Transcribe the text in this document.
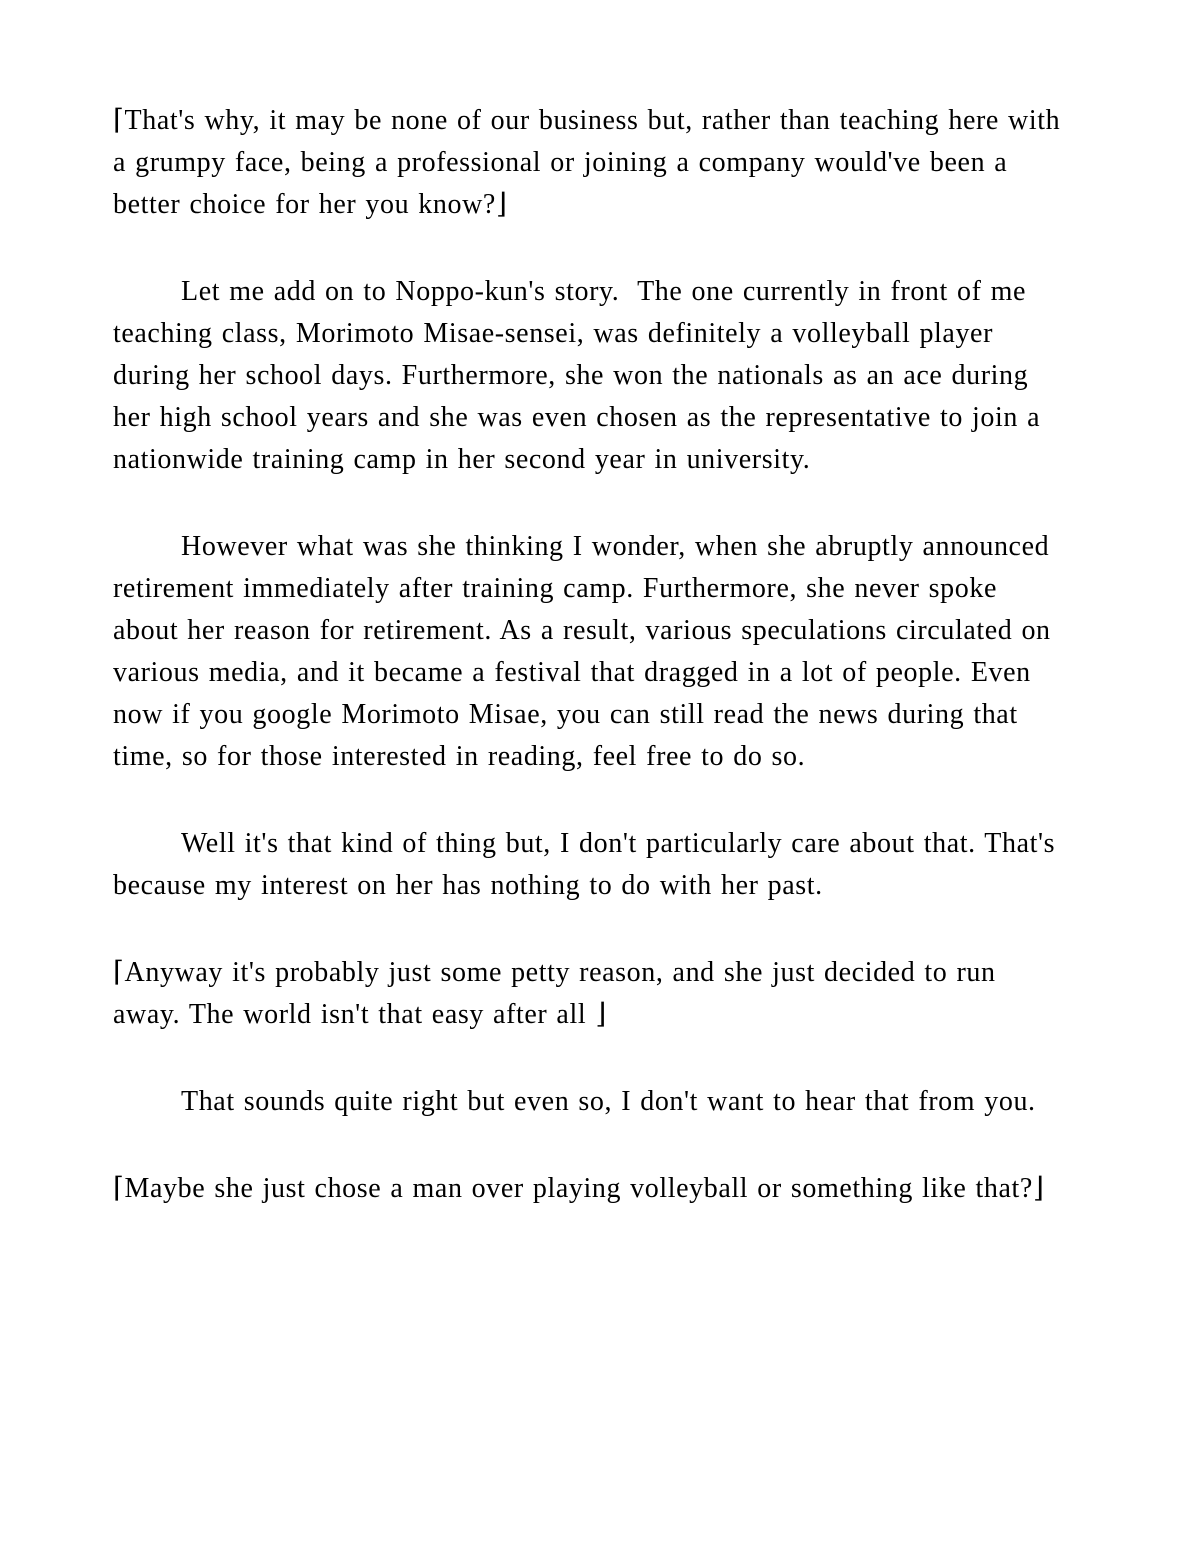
⌈That's why, it may be none of our business but, rather than teaching here with a grumpy face, being a professional or joining a company would've been a better choice for her you know?⌋

Let me add on to Noppo-kun's story.  The one currently in front of me teaching class, Morimoto Misae-sensei, was definitely a volleyball player during her school days. Furthermore, she won the nationals as an ace during her high school years and she was even chosen as the representative to join a nationwide training camp in her second year in university.

However what was she thinking I wonder, when she abruptly announced retirement immediately after training camp. Furthermore, she never spoke about her reason for retirement. As a result, various speculations circulated on various media, and it became a festival that dragged in a lot of people. Even now if you google Morimoto Misae, you can still read the news during that time, so for those interested in reading, feel free to do so.

Well it's that kind of thing but, I don't particularly care about that. That's because my interest on her has nothing to do with her past.

⌈Anyway it's probably just some petty reason, and she just decided to run away. The world isn't that easy after all ⌋

That sounds quite right but even so, I don't want to hear that from you.

⌈Maybe she just chose a man over playing volleyball or something like that?⌋
